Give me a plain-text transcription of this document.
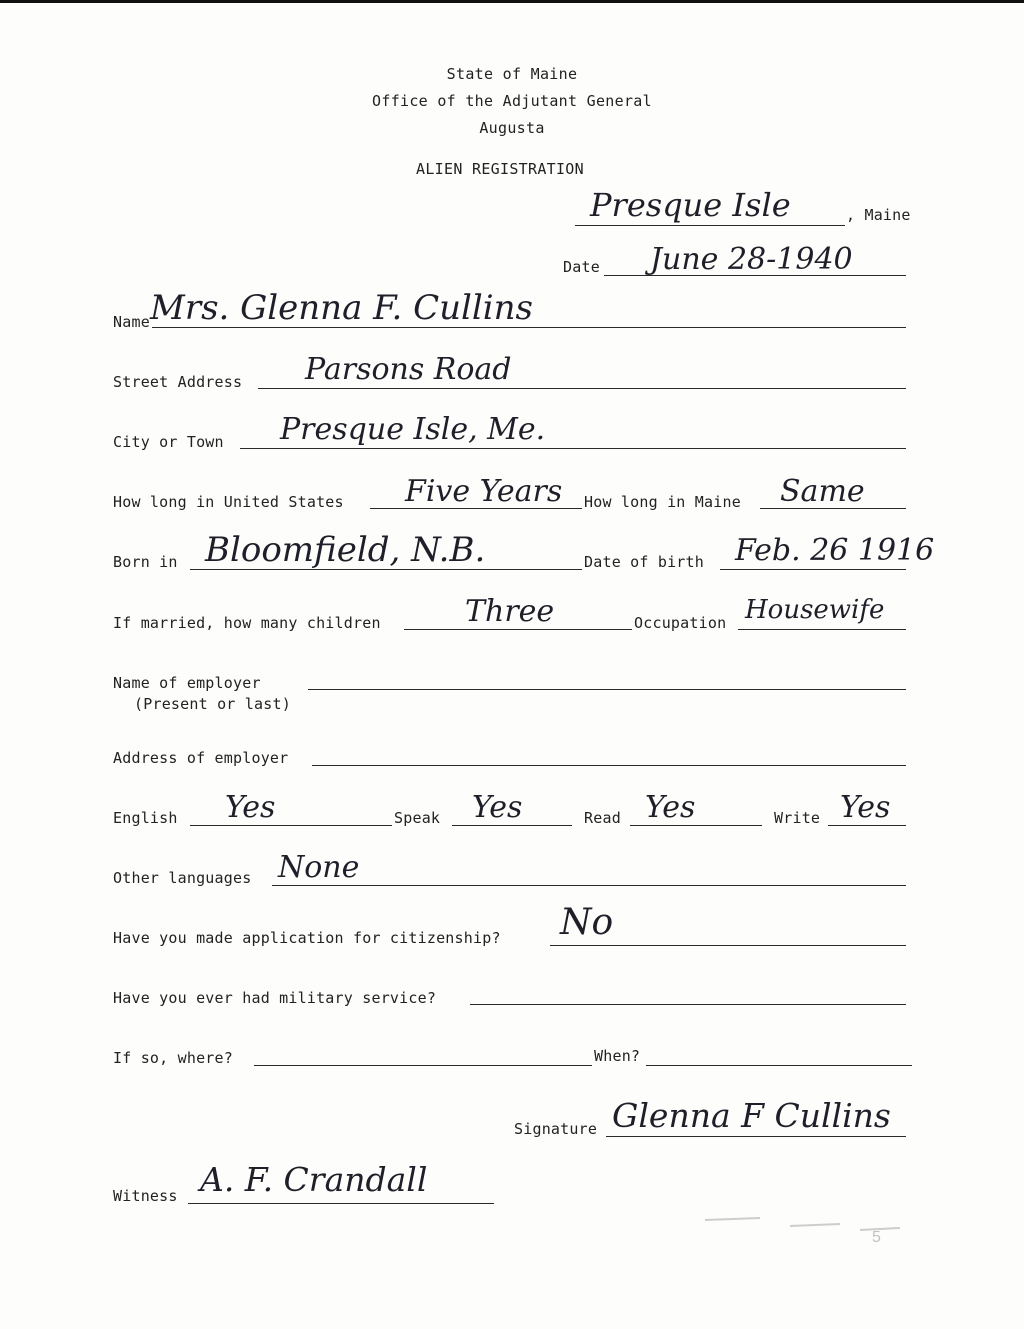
State of Maine
Office of the Adjutant General
Augusta
ALIEN REGISTRATION
Presque Isle	, Maine
Date June 28-1940
Name Mrs. Glenna F. Cullins
Street Address Parsons Road
City or Town Presque Isle, Me.
How long in United States Five Years How long in Maine Same
Born in Bloomfield, N.B.	Date of birth Feb. 26 1916
If married, how many children	Three	Occupation Housewife
Name of employer
(Present or last)
Address of employer
English Yes	Speak Yes	Read Yes	Write Yes
Other languages None
Have you made application for citizenship? No
Have you ever had military service?
If so, where?	When?
Signature Glenna F Cullins
Witness A. F. Crandall
5
